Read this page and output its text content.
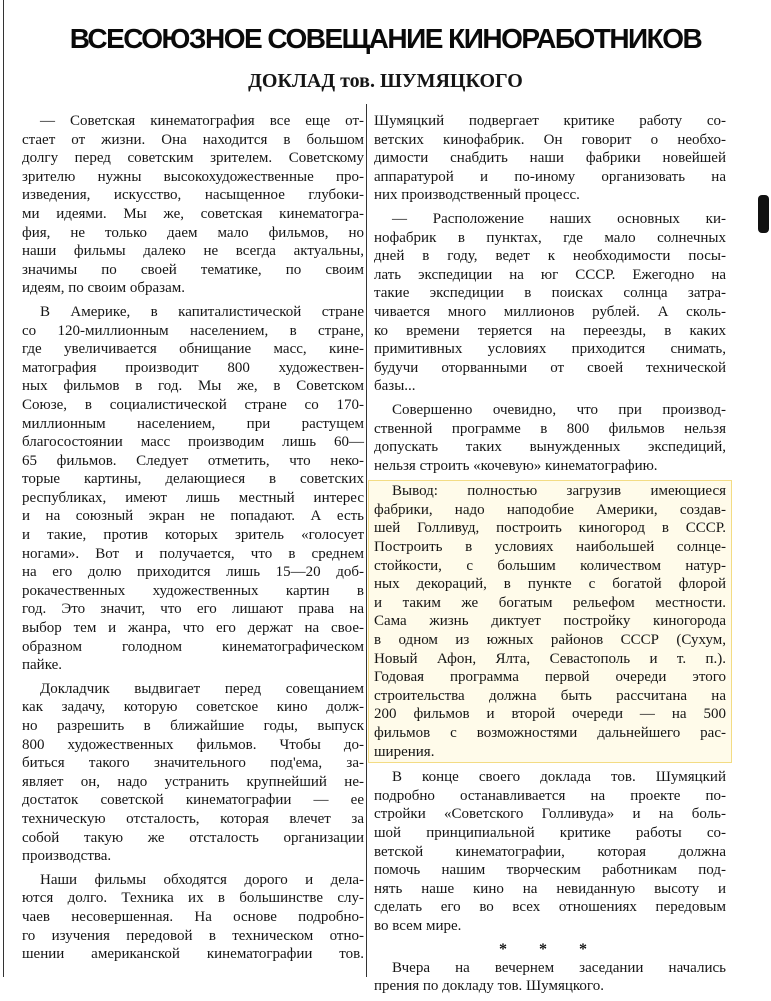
ВСЕСОЮЗНОЕ СОВЕЩАНИЕ КИНОРАБОТНИКОВ
ДОКЛАД тов. ШУМЯЦКОГО
— Советская кинематография все еще от-
стает от жизни. Она находится в большом
долгу перед советским зрителем. Советскому
зрителю нужны высокохудожественные про-
изведения, искусство, насыщенное глубоки-
ми идеями. Мы же, советская кинематогра-
фия, не только даем мало фильмов, но
наши фильмы далеко не всегда актуальны,
значимы по своей тематике, по своим
идеям, по своим образам.
В Америке, в капиталистической стране
со 120-миллионным населением, в стране,
где увеличивается обнищание масс, кине-
матография производит 800 художествен-
ных фильмов в год. Мы же, в Советском
Союзе, в социалистической стране со 170-
миллионным населением, при растущем
благосостоянии масс производим лишь 60—
65 фильмов. Следует отметить, что неко-
торые картины, делающиеся в советских
республиках, имеют лишь местный интерес
и на союзный экран не попадают. А есть
и такие, против которых зритель «голосует
ногами». Вот и получается, что в среднем
на его долю приходится лишь 15—20 доб-
рокачественных художественных картин в
год. Это значит, что его лишают права на
выбор тем и жанра, что его держат на свое-
образном голодном кинематографическом
пайке.
Докладчик выдвигает перед совещанием
как задачу, которую советское кино долж-
но разрешить в ближайшие годы, выпуск
800 художественных фильмов. Чтобы до-
биться такого значительного под'ема, за-
являет он, надо устранить крупнейший не-
достаток советской кинематографии — ее
техническую отсталость, которая влечет за
собой такую же отсталость организации
производства.
Наши фильмы обходятся дорого и дела-
ются долго. Техника их в большинстве слу-
чаев несовершенная. На основе подробно-
го изучения передовой в техническом отно-
шении американской кинематографии тов.
Шумяцкий подвергает критике работу со-
ветских кинофабрик. Он говорит о необхо-
димости снабдить наши фабрики новейшей
аппаратурой и по-иному организовать на
них производственный процесс.
— Расположение наших основных ки-
нофабрик в пунктах, где мало солнечных
дней в году, ведет к необходимости посы-
лать экспедиции на юг СССР. Ежегодно на
такие экспедиции в поисках солнца затра-
чивается много миллионов рублей. А сколь-
ко времени теряется на переезды, в каких
примитивных условиях приходится снимать,
будучи оторванными от своей технической
базы...
Совершенно очевидно, что при производ-
ственной программе в 800 фильмов нельзя
допускать таких вынужденных экспедиций,
нельзя строить «кочевую» кинематографию.
Вывод: полностью загрузив имеющиеся
фабрики, надо наподобие Америки, создав-
шей Голливуд, построить киногород в СССР.
Построить в условиях наибольшей солнце-
стойкости, с большим количеством натур-
ных декораций, в пункте с богатой флорой
и таким же богатым рельефом местности.
Сама жизнь диктует постройку киногорода
в одном из южных районов СССР (Сухум,
Новый Афон, Ялта, Севастополь и т. п.).
Годовая программа первой очереди этого
строительства должна быть рассчитана на
200 фильмов и второй очереди — на 500
фильмов с возможностями дальнейшего рас-
ширения.
В конце своего доклада тов. Шумяцкий
подробно останавливается на проекте по-
стройки «Советского Голливуда» и на боль-
шой принципиальной критике работы со-
ветской кинематографии, которая должна
помочь нашим творческим работникам под-
нять наше кино на невиданную высоту и
сделать его во всех отношениях передовым
во всем мире.
* * *
Вчера на вечернем заседании начались
прения по докладу тов. Шумяцкого.
